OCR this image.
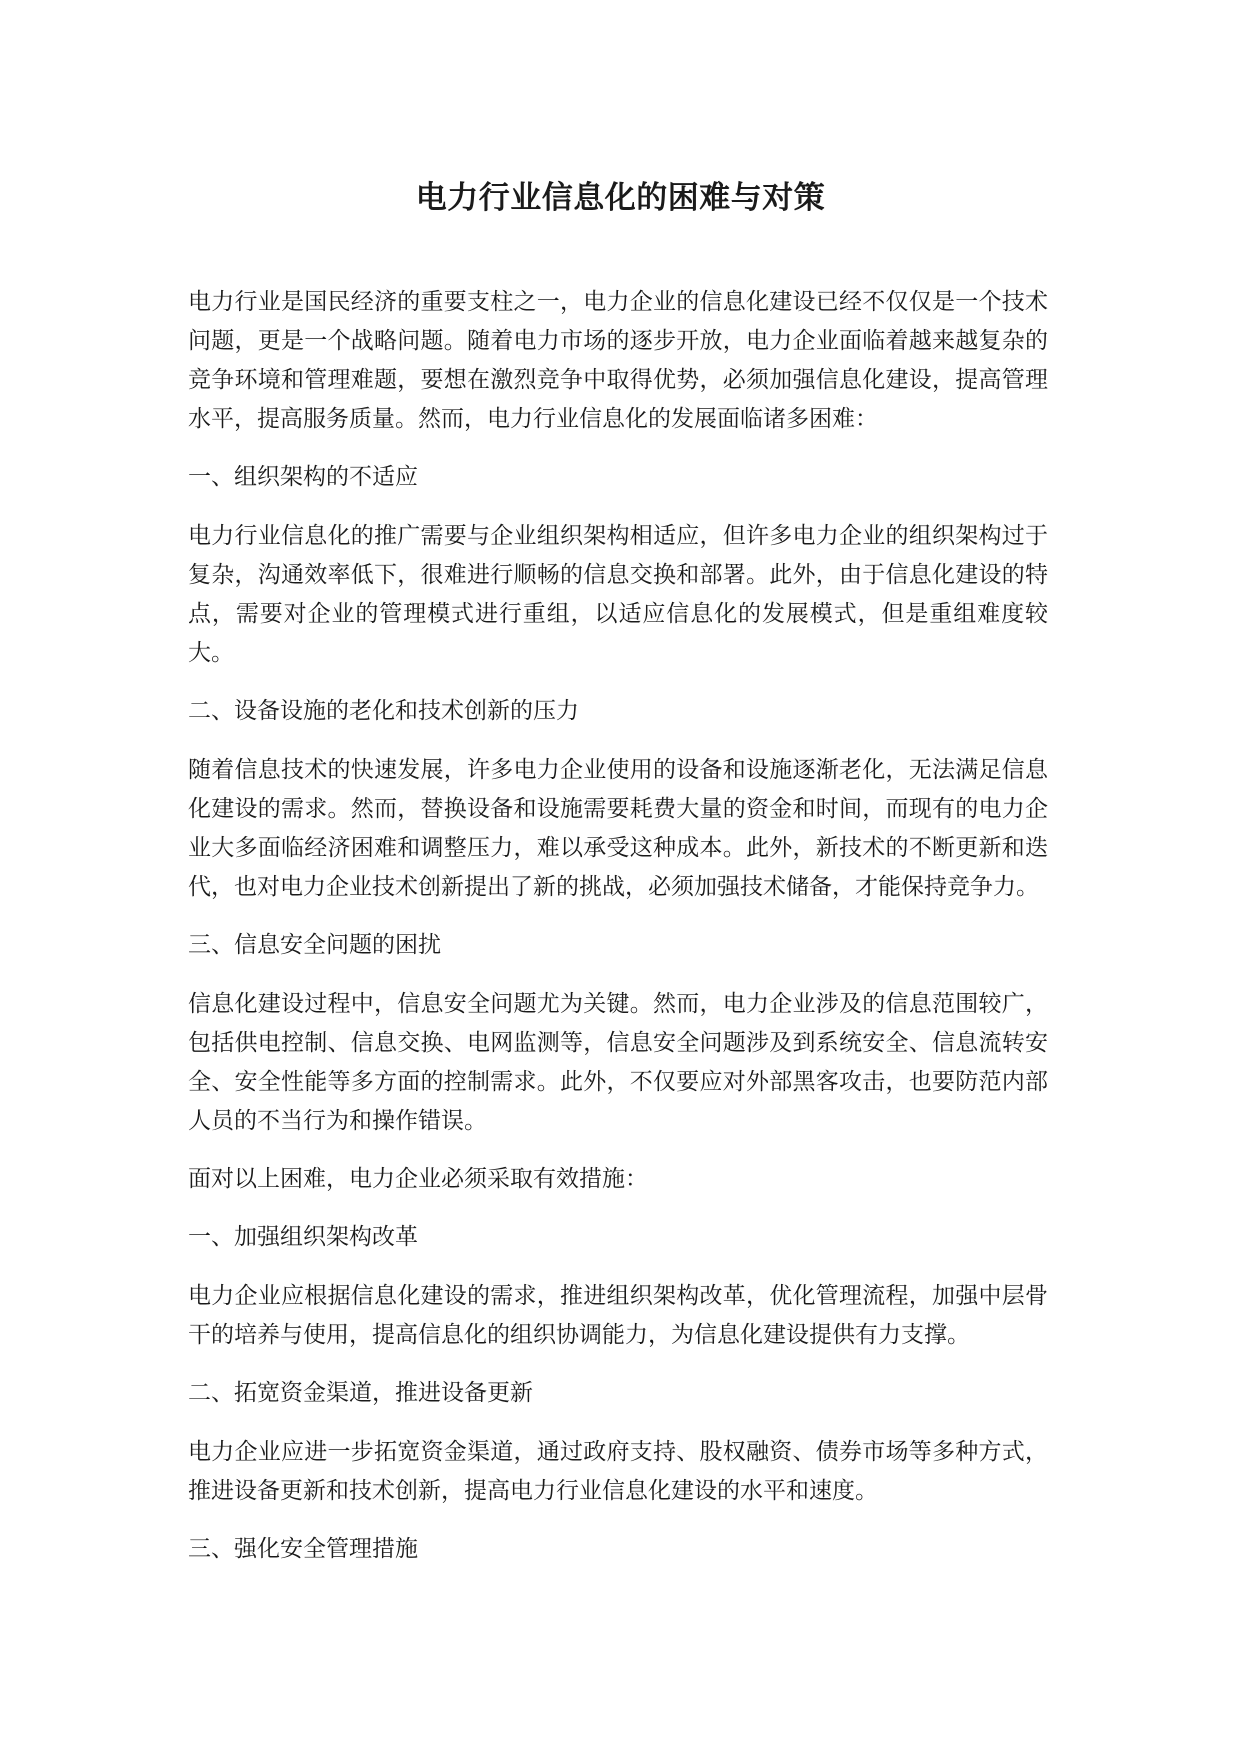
电力行业信息化的困难与对策

电力行业是国民经济的重要支柱之一，电力企业的信息化建设已经不仅仅是一个技术问题，更是一个战略问题。随着电力市场的逐步开放，电力企业面临着越来越复杂的竞争环境和管理难题，要想在激烈竞争中取得优势，必须加强信息化建设，提高管理水平，提高服务质量。然而，电力行业信息化的发展面临诸多困难：

一、组织架构的不适应

电力行业信息化的推广需要与企业组织架构相适应，但许多电力企业的组织架构过于复杂，沟通效率低下，很难进行顺畅的信息交换和部署。此外，由于信息化建设的特点，需要对企业的管理模式进行重组，以适应信息化的发展模式，但是重组难度较大。

二、设备设施的老化和技术创新的压力

随着信息技术的快速发展，许多电力企业使用的设备和设施逐渐老化，无法满足信息化建设的需求。然而，替换设备和设施需要耗费大量的资金和时间，而现有的电力企业大多面临经济困难和调整压力，难以承受这种成本。此外，新技术的不断更新和迭代，也对电力企业技术创新提出了新的挑战，必须加强技术储备，才能保持竞争力。

三、信息安全问题的困扰

信息化建设过程中，信息安全问题尤为关键。然而，电力企业涉及的信息范围较广，包括供电控制、信息交换、电网监测等，信息安全问题涉及到系统安全、信息流转安全、安全性能等多方面的控制需求。此外，不仅要应对外部黑客攻击，也要防范内部人员的不当行为和操作错误。

面对以上困难，电力企业必须采取有效措施：

一、加强组织架构改革

电力企业应根据信息化建设的需求，推进组织架构改革，优化管理流程，加强中层骨干的培养与使用，提高信息化的组织协调能力，为信息化建设提供有力支撑。

二、拓宽资金渠道，推进设备更新

电力企业应进一步拓宽资金渠道，通过政府支持、股权融资、债券市场等多种方式，推进设备更新和技术创新，提高电力行业信息化建设的水平和速度。

三、强化安全管理措施
